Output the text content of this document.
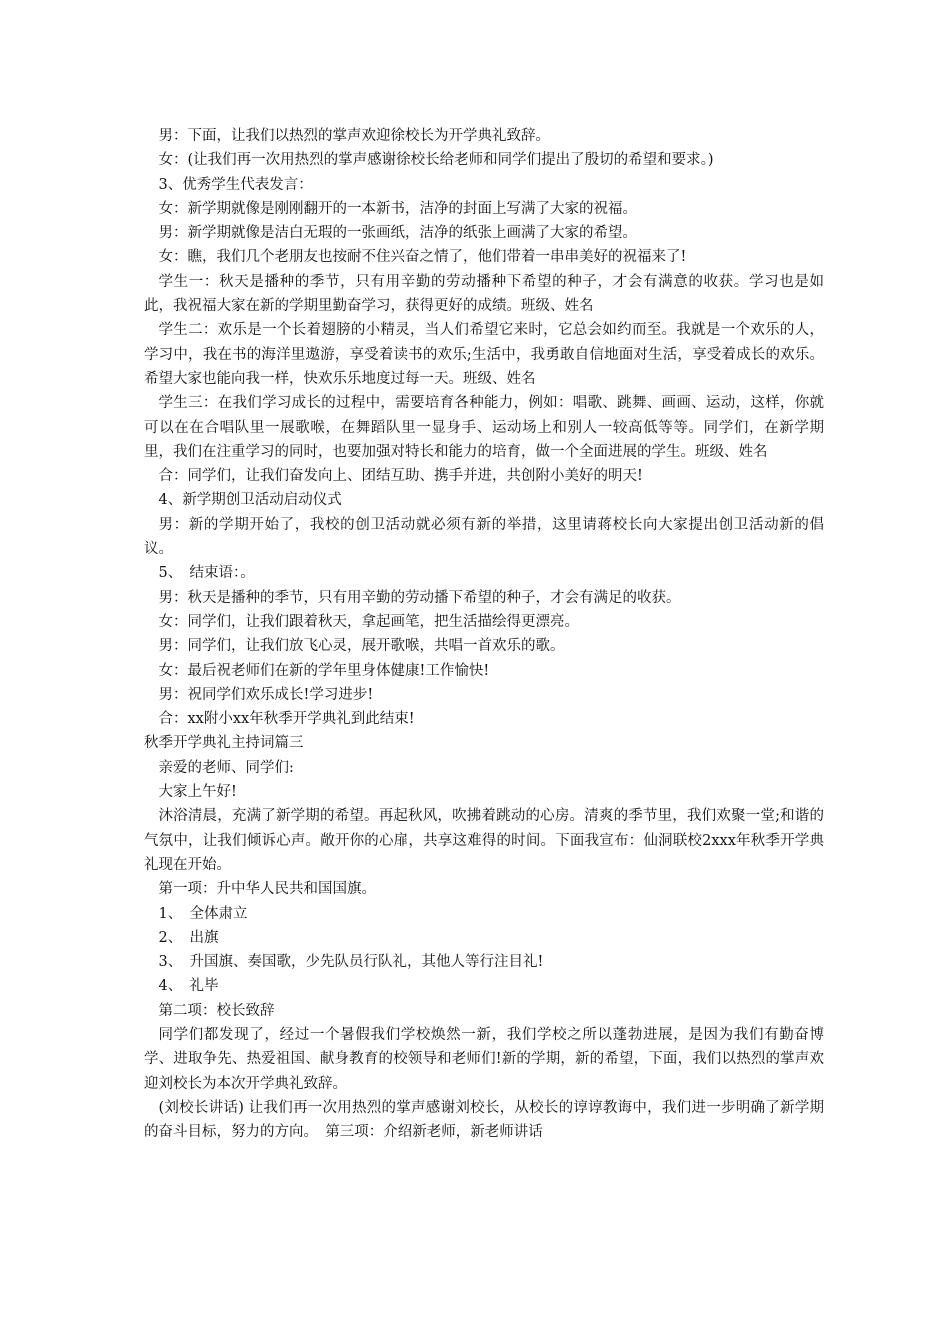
男：下面，让我们以热烈的掌声欢迎徐校长为开学典礼致辞。

女：(让我们再一次用热烈的掌声感谢徐校长给老师和同学们提出了殷切的希望和要求。)

3、优秀学生代表发言：

女：新学期就像是刚刚翻开的一本新书，洁净的封面上写满了大家的祝福。

男：新学期就像是洁白无瑕的一张画纸，洁净的纸张上画满了大家的希望。

女：瞧，我们几个老朋友也按耐不住兴奋之情了，他们带着一串串美好的祝福来了!

学生一：秋天是播种的季节，只有用辛勤的劳动播种下希望的种子，才会有满意的收获。学习也是如此，我祝福大家在新的学期里勤奋学习，获得更好的成绩。班级、姓名

学生二：欢乐是一个长着翅膀的小精灵，当人们希望它来时，它总会如约而至。我就是一个欢乐的人，学习中，我在书的海洋里遨游，享受着读书的欢乐;生活中，我勇敢自信地面对生活，享受着成长的欢乐。希望大家也能向我一样，快欢乐乐地度过每一天。班级、姓名

学生三：在我们学习成长的过程中，需要培育各种能力，例如：唱歌、跳舞、画画、运动，这样，你就可以在在合唱队里一展歌喉，在舞蹈队里一显身手、运动场上和别人一较高低等等。同学们，在新学期里，我们在注重学习的同时，也要加强对特长和能力的培育，做一个全面进展的学生。班级、姓名

合：同学们，让我们奋发向上、团结互助、携手并进，共创附小美好的明天!

4、新学期创卫活动启动仪式

男：新的学期开始了，我校的创卫活动就必须有新的举措，这里请蒋校长向大家提出创卫活动新的倡议。

5、　结束语：。

男：秋天是播种的季节，只有用辛勤的劳动播下希望的种子，才会有满足的收获。

女：同学们，让我们跟着秋天，拿起画笔，把生活描绘得更漂亮。

男：同学们，让我们放飞心灵，展开歌喉，共唱一首欢乐的歌。

女：最后祝老师们在新的学年里身体健康!工作愉快!

男：祝同学们欢乐成长!学习进步!

合：xx附小xx年秋季开学典礼到此结束!

秋季开学典礼主持词篇三

亲爱的老师、同学们:

大家上午好!

沐浴清晨，充满了新学期的希望。再起秋风，吹拂着跳动的心房。清爽的季节里，我们欢聚一堂;和谐的气氛中，让我们倾诉心声。敞开你的心扉，共享这难得的时间。下面我宣布：仙洞联校2xxx年秋季开学典礼现在开始。

第一项：升中华人民共和国国旗。

1、　全体肃立

2、　出旗

3、　升国旗、奏国歌，少先队员行队礼，其他人等行注目礼!

4、　礼毕

第二项：校长致辞

同学们都发现了，经过一个暑假我们学校焕然一新，我们学校之所以蓬勃进展，是因为我们有勤奋博学、进取争先、热爱祖国、献身教育的校领导和老师们!新的学期，新的希望，下面，我们以热烈的掌声欢迎刘校长为本次开学典礼致辞。

(刘校长讲话) 让我们再一次用热烈的掌声感谢刘校长，从校长的谆谆教诲中，我们进一步明确了新学期的奋斗目标，努力的方向。　第三项：介绍新老师，新老师讲话
